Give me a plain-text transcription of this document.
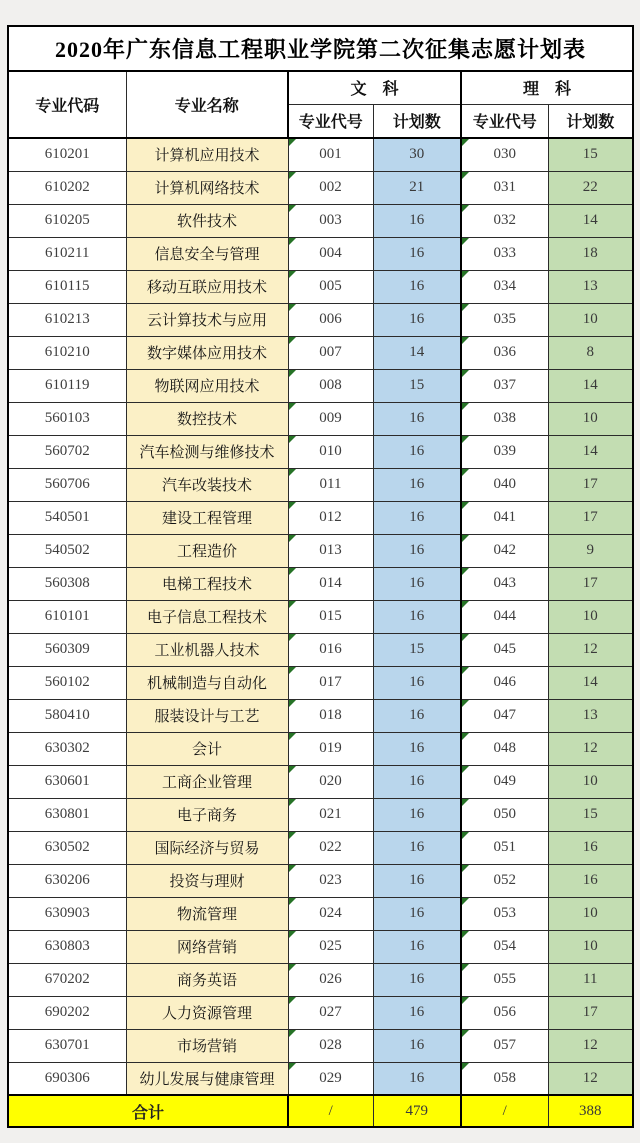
2020年广东信息工程职业学院第二次征集志愿计划表					
专业代码	专业名称	文　科		理　科	
		专业代号	计划数	专业代号	计划数
610201	计算机应用技术	001	30	030	15
610202	计算机网络技术	002	21	031	22
610205	软件技术	003	16	032	14
610211	信息安全与管理	004	16	033	18
610115	移动互联应用技术	005	16	034	13
610213	云计算技术与应用	006	16	035	10
610210	数字媒体应用技术	007	14	036	8
610119	物联网应用技术	008	15	037	14
560103	数控技术	009	16	038	10
560702	汽车检测与维修技术	010	16	039	14
560706	汽车改装技术	011	16	040	17
540501	建设工程管理	012	16	041	17
540502	工程造价	013	16	042	9
560308	电梯工程技术	014	16	043	17
610101	电子信息工程技术	015	16	044	10
560309	工业机器人技术	016	15	045	12
560102	机械制造与自动化	017	16	046	14
580410	服装设计与工艺	018	16	047	13
630302	会计	019	16	048	12
630601	工商企业管理	020	16	049	10
630801	电子商务	021	16	050	15
630502	国际经济与贸易	022	16	051	16
630206	投资与理财	023	16	052	16
630903	物流管理	024	16	053	10
630803	网络营销	025	16	054	10
670202	商务英语	026	16	055	11
690202	人力资源管理	027	16	056	17
630701	市场营销	028	16	057	12
690306	幼儿发展与健康管理	029	16	058	12
合计		/	479	/	388
